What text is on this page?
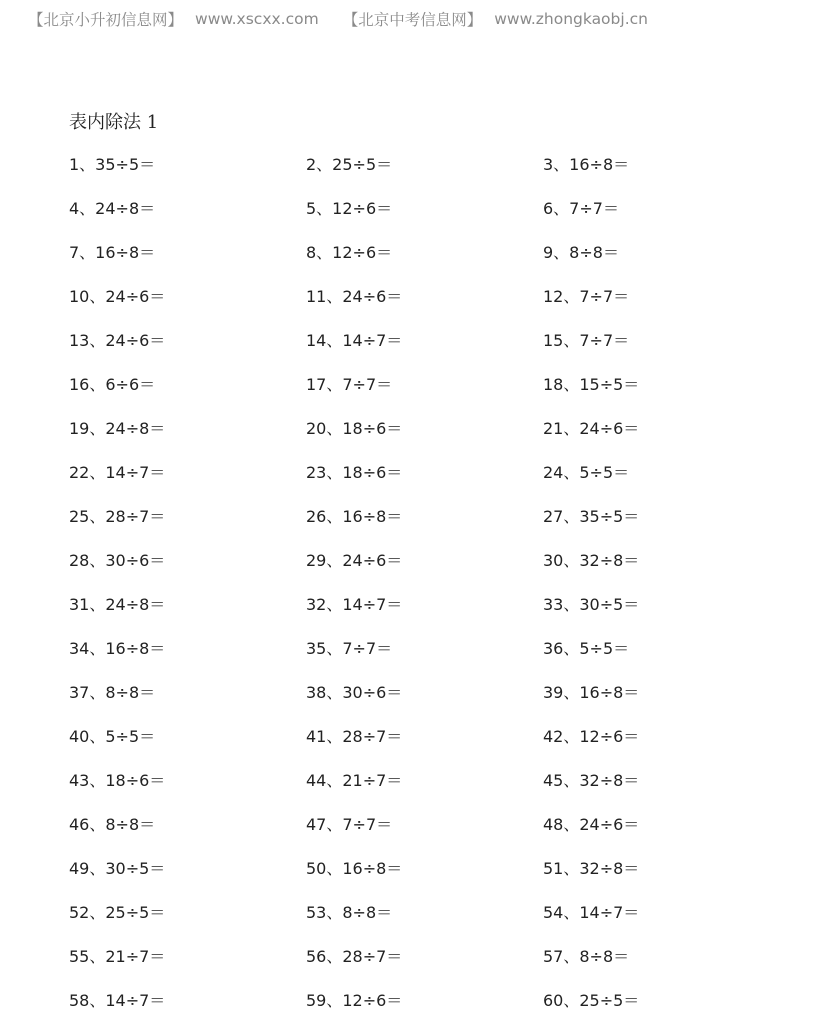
【北京小升初信息网】 www.xscxx.com 【北京中考信息网】 www.zhongkaobj.cn
表内除法 1
1、35÷5＝	2、25÷5＝	3、16÷8＝
4、24÷8＝	5、12÷6＝	6、7÷7＝
7、16÷8＝	8、12÷6＝	9、8÷8＝
10、24÷6＝	11、24÷6＝	12、7÷7＝
13、24÷6＝	14、14÷7＝	15、7÷7＝
16、6÷6＝	17、7÷7＝	18、15÷5＝
19、24÷8＝	20、18÷6＝	21、24÷6＝
22、14÷7＝	23、18÷6＝	24、5÷5＝
25、28÷7＝	26、16÷8＝	27、35÷5＝
28、30÷6＝	29、24÷6＝	30、32÷8＝
31、24÷8＝	32、14÷7＝	33、30÷5＝
34、16÷8＝	35、7÷7＝	36、5÷5＝
37、8÷8＝	38、30÷6＝	39、16÷8＝
40、5÷5＝	41、28÷7＝	42、12÷6＝
43、18÷6＝	44、21÷7＝	45、32÷8＝
46、8÷8＝	47、7÷7＝	48、24÷6＝
49、30÷5＝	50、16÷8＝	51、32÷8＝
52、25÷5＝	53、8÷8＝	54、14÷7＝
55、21÷7＝	56、28÷7＝	57、8÷8＝
58、14÷7＝	59、12÷6＝	60、25÷5＝
